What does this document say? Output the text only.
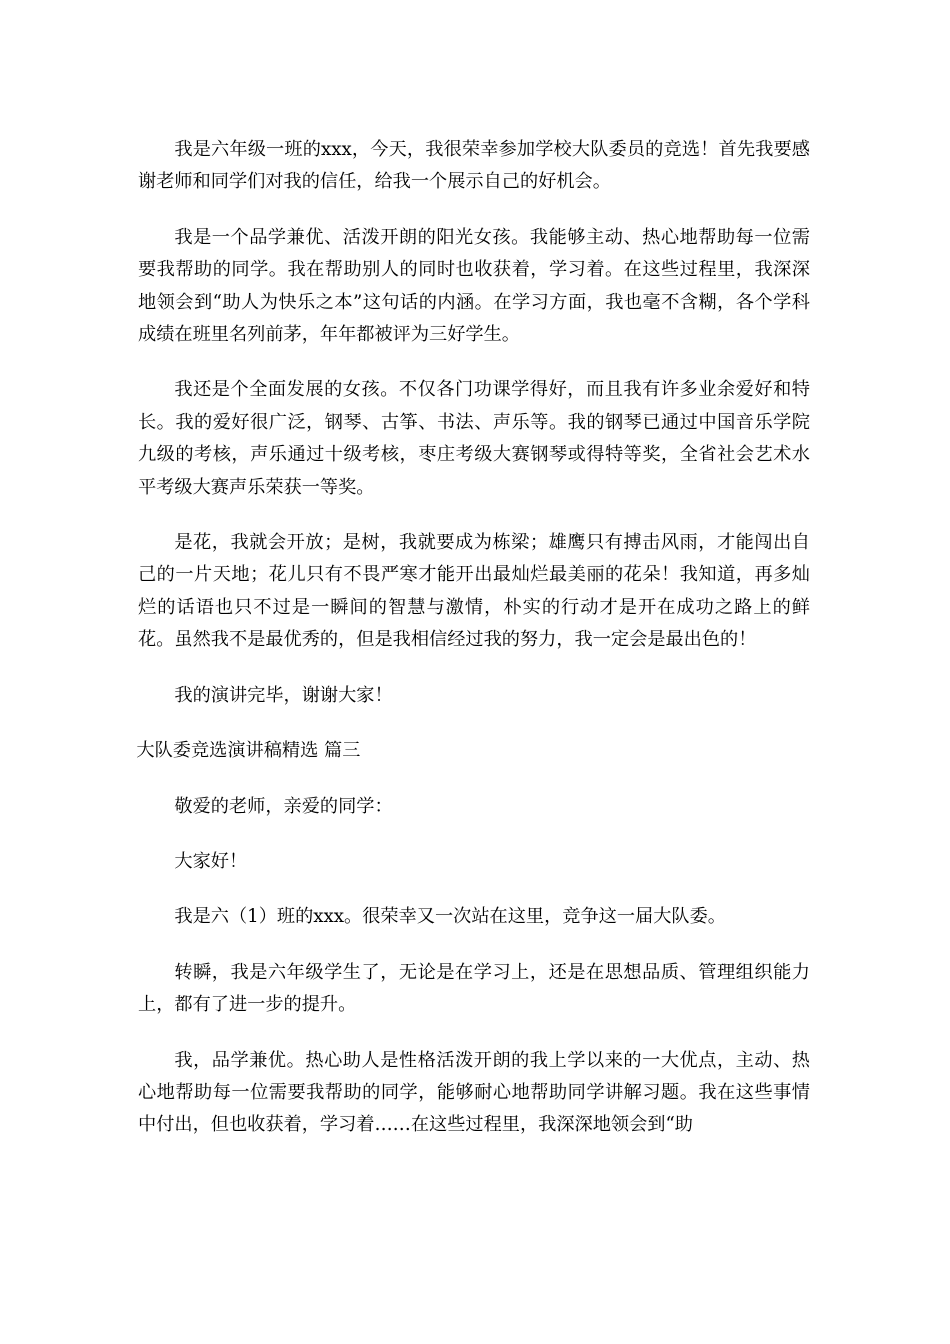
我是六年级一班的xxx，今天，我很荣幸参加学校大队委员的竞选！首先我要感谢老师和同学们对我的信任，给我一个展示自己的好机会。

我是一个品学兼优、活泼开朗的阳光女孩。我能够主动、热心地帮助每一位需要我帮助的同学。我在帮助别人的同时也收获着，学习着。在这些过程里，我深深地领会到“助人为快乐之本”这句话的内涵。在学习方面，我也毫不含糊，各个学科成绩在班里名列前茅，年年都被评为三好学生。

我还是个全面发展的女孩。不仅各门功课学得好，而且我有许多业余爱好和特长。我的爱好很广泛，钢琴、古筝、书法、声乐等。我的钢琴已通过中国音乐学院九级的考核，声乐通过十级考核，枣庄考级大赛钢琴或得特等奖，全省社会艺术水平考级大赛声乐荣获一等奖。

是花，我就会开放；是树，我就要成为栋梁；雄鹰只有搏击风雨，才能闯出自己的一片天地；花儿只有不畏严寒才能开出最灿烂最美丽的花朵！我知道，再多灿烂的话语也只不过是一瞬间的智慧与激情，朴实的行动才是开在成功之路上的鲜花。虽然我不是最优秀的，但是我相信经过我的努力，我一定会是最出色的！

我的演讲完毕，谢谢大家！

大队委竞选演讲稿精选 篇三

敬爱的老师，亲爱的同学：

大家好！

我是六（1）班的xxx。很荣幸又一次站在这里，竞争这一届大队委。

转瞬，我是六年级学生了，无论是在学习上，还是在思想品质、管理组织能力上，都有了进一步的提升。

我，品学兼优。热心助人是性格活泼开朗的我上学以来的一大优点，主动、热心地帮助每一位需要我帮助的同学，能够耐心地帮助同学讲解习题。我在这些事情中付出，但也收获着，学习着……在这些过程里，我深深地领会到“助
